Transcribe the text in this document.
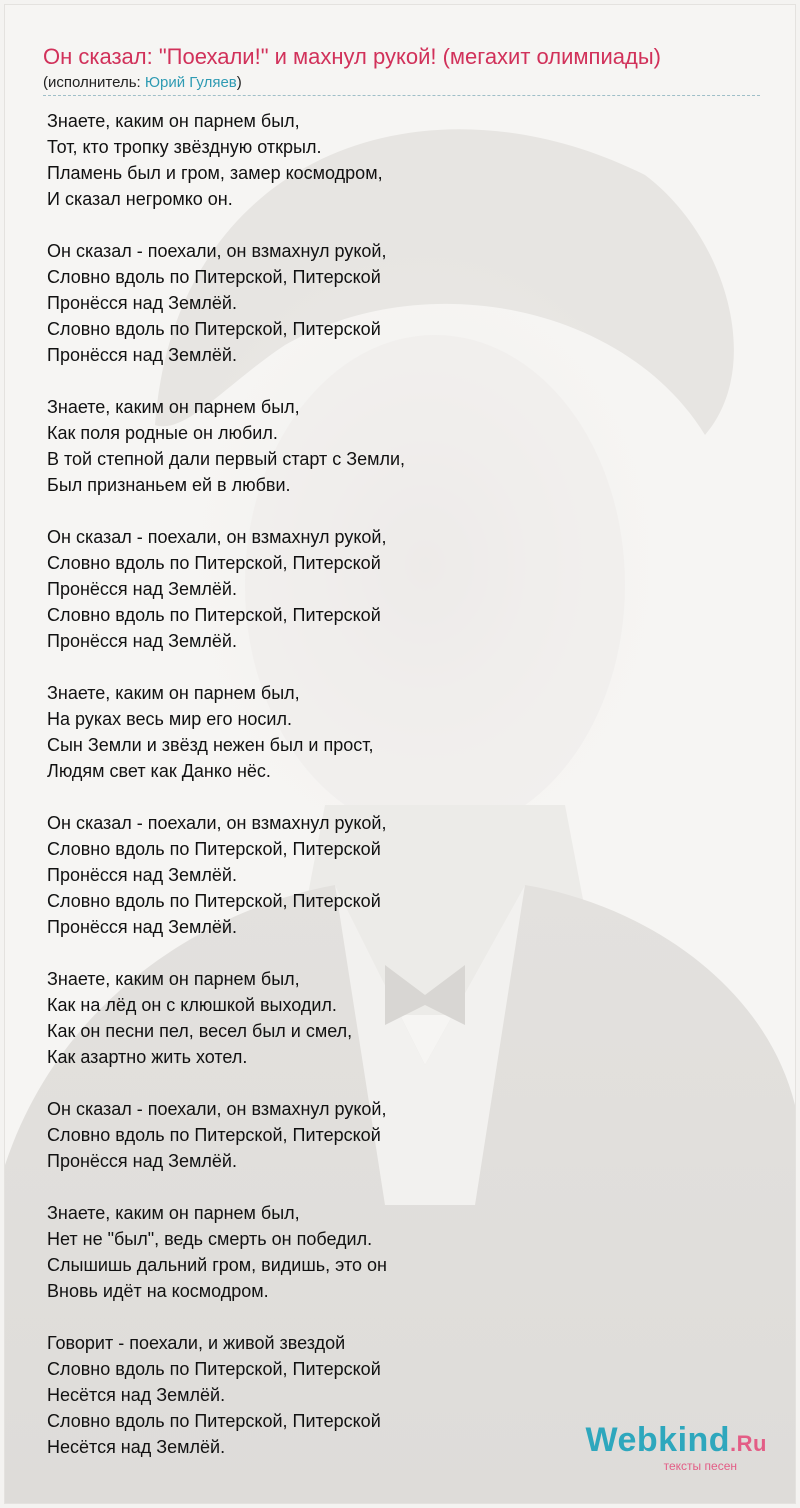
Он сказал: "Поехали!" и махнул рукой! (мегахит олимпиады)
(исполнитель: Юрий Гуляев)
Знаете, каким он парнем был,
Тот, кто тропку звёздную открыл.
Пламень был и гром, замер космодром,
И сказал негромко он.
Он сказал - поехали, он взмахнул рукой,
Словно вдоль по Питерской, Питерской
Пронёсся над Землёй.
Словно вдоль по Питерской, Питерской
Пронёсся над Землёй.
Знаете, каким он парнем был,
Как поля родные он любил.
В той степной дали первый старт с Земли,
Был признаньем ей в любви.
Он сказал - поехали, он взмахнул рукой,
Словно вдоль по Питерской, Питерской
Пронёсся над Землёй.
Словно вдоль по Питерской, Питерской
Пронёсся над Землёй.
Знаете, каким он парнем был,
На руках весь мир его носил.
Сын Земли и звёзд нежен был и прост,
Людям свет как Данко нёс.
Он сказал - поехали, он взмахнул рукой,
Словно вдоль по Питерской, Питерской
Пронёсся над Землёй.
Словно вдоль по Питерской, Питерской
Пронёсся над Землёй.
Знаете, каким он парнем был,
Как на лёд он с клюшкой выходил.
Как он песни пел, весел был и смел,
Как азартно жить хотел.
Он сказал - поехали, он взмахнул рукой,
Словно вдоль по Питерской, Питерской
Пронёсся над Землёй.
Знаете, каким он парнем был,
Нет не "был", ведь смерть он победил.
Слышишь дальний гром, видишь, это он
Вновь идёт на космодром.
Говорит - поехали, и живой звездой
Словно вдоль по Питерской, Питерской
Несётся над Землёй.
Словно вдоль по Питерской, Питерской
Несётся над Землёй.	Webkind.Ru
тексты песен
